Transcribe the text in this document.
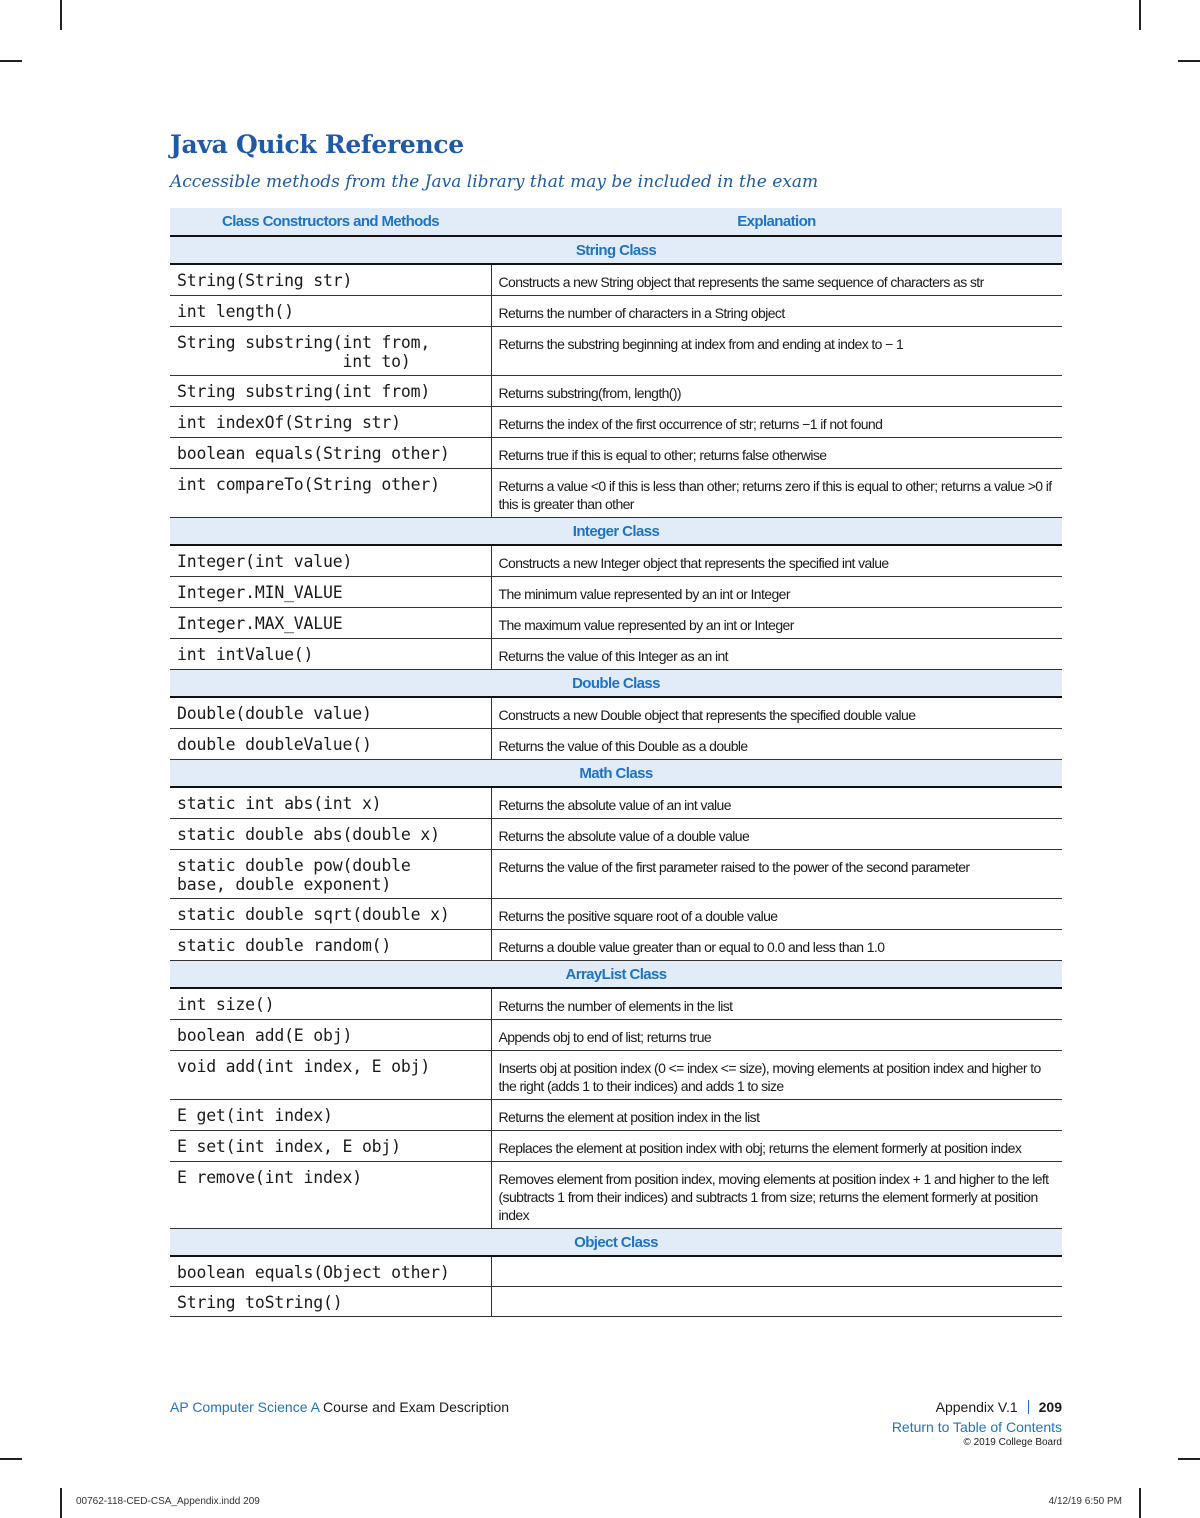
Java Quick Reference
Accessible methods from the Java library that may be included in the exam
Class Constructors and Methods	Explanation
String Class	
String(String str)	Constructs a new String object that represents the same sequence of characters as str
int length()	Returns the number of characters in a String object
String substring(int from,
int to)	Returns the substring beginning at index from and ending at index to − 1
String substring(int from)	Returns substring(from, length())
int indexOf(String str)	Returns the index of the first occurrence of str; returns −1 if not found
boolean equals(String other)	Returns true if this is equal to other; returns false otherwise
int compareTo(String other)	Returns a value <0 if this is less than other; returns zero if this is equal to other; returns a value >0 if this is greater than other
Integer Class	
Integer(int value)	Constructs a new Integer object that represents the specified int value
Integer.MIN_VALUE	The minimum value represented by an int or Integer
Integer.MAX_VALUE	The maximum value represented by an int or Integer
int intValue()	Returns the value of this Integer as an int
Double Class	
Double(double value)	Constructs a new Double object that represents the specified double value
double doubleValue()	Returns the value of this Double as a double
Math Class	
static int abs(int x)	Returns the absolute value of an int value
static double abs(double x)	Returns the absolute value of a double value
static double pow(double
base, double exponent)	Returns the value of the first parameter raised to the power of the second parameter
static double sqrt(double x)	Returns the positive square root of a double value
static double random()	Returns a double value greater than or equal to 0.0 and less than 1.0
ArrayList Class	
int size()	Returns the number of elements in the list
boolean add(E obj)	Appends obj to end of list; returns true
void add(int index, E obj)	Inserts obj at position index (0 <= index <= size), moving elements at position index and higher to the right (adds 1 to their indices) and adds 1 to size
E get(int index)	Returns the element at position index in the list
E set(int index, E obj)	Replaces the element at position index with obj; returns the element formerly at position index
E remove(int index)	Removes element from position index, moving elements at position index + 1 and higher to the left (subtracts 1 from their indices) and subtracts 1 from size; returns the element formerly at position index
Object Class	
boolean equals(Object other)	
String toString()	
AP Computer Science A Course and Exam Description	Appendix V.1 209
Return to Table of Contents
© 2019 College Board
00762-118-CED-CSA_Appendix.indd 209	4/12/19 6:50 PM
